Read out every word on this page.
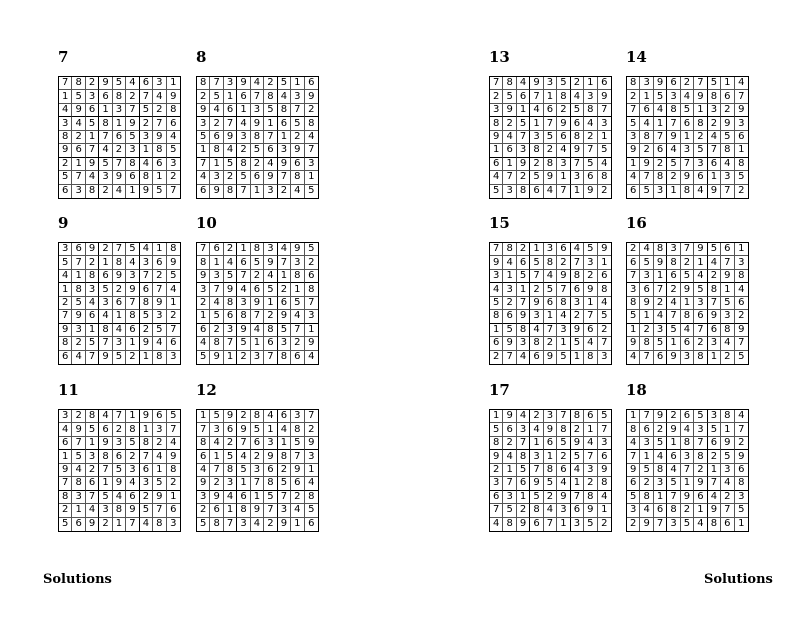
Solutions	Solutions
7
7 8 2 9 5 4 6 3 1
1 5 3 6 8 2 7 4 9
4 9 6 1 3 7 5 2 8
3 4 5 8 1 9 2 7 6
8 2 1 7 6 5 3 9 4
9 6 7 4 2 3 1 8 5
2 1 9 5 7 8 4 6 3
5 7 4 3 9 6 8 1 2
6 3 8 2 4 1 9 5 7
8
8 7 3 9 4 2 5 1 6
2 5 1 6 7 8 4 3 9
9 4 6 1 3 5 8 7 2
3 2 7 4 9 1 6 5 8
5 6 9 3 8 7 1 2 4
1 8 4 2 5 6 3 9 7
7 1 5 8 2 4 9 6 3
4 3 2 5 6 9 7 8 1
6 9 8 7 1 3 2 4 5
9
3 6 9 2 7 5 4 1 8
5 7 2 1 8 4 3 6 9
4 1 8 6 9 3 7 2 5
1 8 3 5 2 9 6 7 4
2 5 4 3 6 7 8 9 1
7 9 6 4 1 8 5 3 2
9 3 1 8 4 6 2 5 7
8 2 5 7 3 1 9 4 6
6 4 7 9 5 2 1 8 3
10
7 6 2 1 8 3 4 9 5
8 1 4 6 5 9 7 3 2
9 3 5 7 2 4 1 8 6
3 7 9 4 6 5 2 1 8
2 4 8 3 9 1 6 5 7
1 5 6 8 7 2 9 4 3
6 2 3 9 4 8 5 7 1
4 8 7 5 1 6 3 2 9
5 9 1 2 3 7 8 6 4
11
3 2 8 4 7 1 9 6 5
4 9 5 6 2 8 1 3 7
6 7 1 9 3 5 8 2 4
1 5 3 8 6 2 7 4 9
9 4 2 7 5 3 6 1 8
7 8 6 1 9 4 3 5 2
8 3 7 5 4 6 2 9 1
2 1 4 3 8 9 5 7 6
5 6 9 2 1 7 4 8 3
12
1 5 9 2 8 4 6 3 7
7 3 6 9 5 1 4 8 2
8 4 2 7 6 3 1 5 9
6 1 5 4 2 9 8 7 3
4 7 8 5 3 6 2 9 1
9 2 3 1 7 8 5 6 4
3 9 4 6 1 5 7 2 8
2 6 1 8 9 7 3 4 5
5 8 7 3 4 2 9 1 6
13
7 8 4 9 3 5 2 1 6
2 5 6 7 1 8 4 3 9
3 9 1 4 6 2 5 8 7
8 2 5 1 7 9 6 4 3
9 4 7 3 5 6 8 2 1
1 6 3 8 2 4 9 7 5
6 1 9 2 8 3 7 5 4
4 7 2 5 9 1 3 6 8
5 3 8 6 4 7 1 9 2
14
8 3 9 6 2 7 5 1 4
2 1 5 3 4 9 8 6 7
7 6 4 8 5 1 3 2 9
5 4 1 7 6 8 2 9 3
3 8 7 9 1 2 4 5 6
9 2 6 4 3 5 7 8 1
1 9 2 5 7 3 6 4 8
4 7 8 2 9 6 1 3 5
6 5 3 1 8 4 9 7 2
15
7 8 2 1 3 6 4 5 9
9 4 6 5 8 2 7 3 1
3 1 5 7 4 9 8 2 6
4 3 1 2 5 7 6 9 8
5 2 7 9 6 8 3 1 4
8 6 9 3 1 4 2 7 5
1 5 8 4 7 3 9 6 2
6 9 3 8 2 1 5 4 7
2 7 4 6 9 5 1 8 3
16
2 4 8 3 7 9 5 6 1
6 5 9 8 2 1 4 7 3
7 3 1 6 5 4 2 9 8
3 6 7 2 9 5 8 1 4
8 9 2 4 1 3 7 5 6
5 1 4 7 8 6 9 3 2
1 2 3 5 4 7 6 8 9
9 8 5 1 6 2 3 4 7
4 7 6 9 3 8 1 2 5
17
1 9 4 2 3 7 8 6 5
5 6 3 4 9 8 2 1 7
8 2 7 1 6 5 9 4 3
9 4 8 3 1 2 5 7 6
2 1 5 7 8 6 4 3 9
3 7 6 9 5 4 1 2 8
6 3 1 5 2 9 7 8 4
7 5 2 8 4 3 6 9 1
4 8 9 6 7 1 3 5 2
18
1 7 9 2 6 5 3 8 4
8 6 2 9 4 3 5 1 7
4 3 5 1 8 7 6 9 2
7 1 4 6 3 8 2 5 9
9 5 8 4 7 2 1 3 6
6 2 3 5 1 9 7 4 8
5 8 1 7 9 6 4 2 3
3 4 6 8 2 1 9 7 5
2 9 7 3 5 4 8 6 1
